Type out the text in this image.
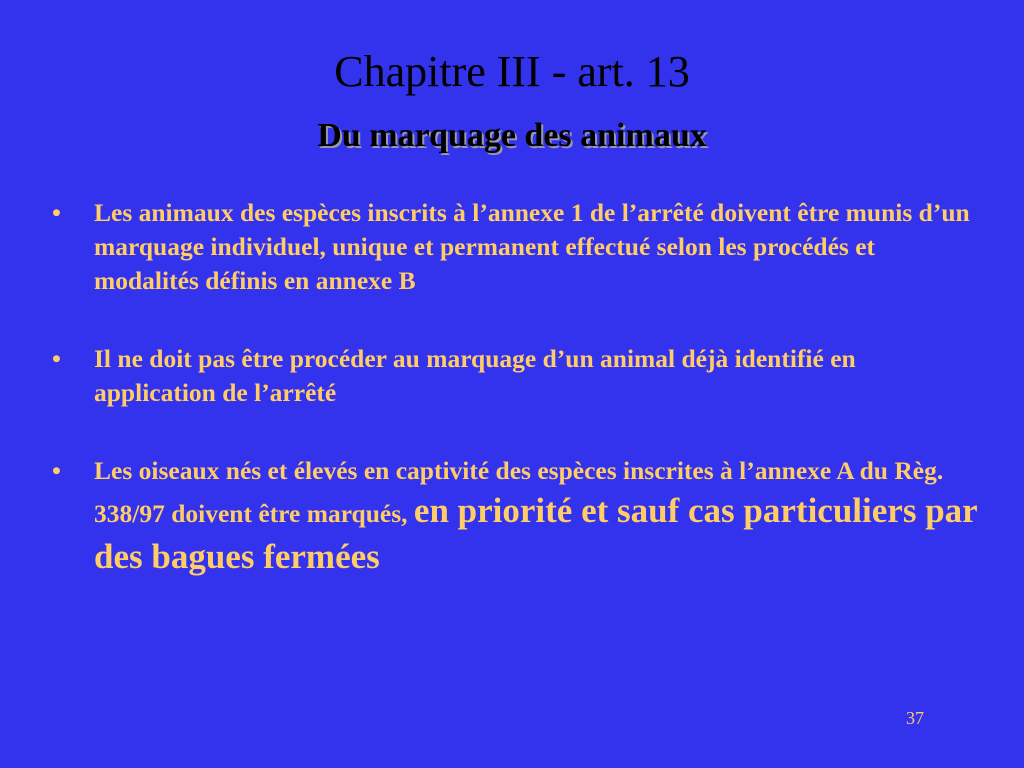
Chapitre III - art. 13
Du marquage des animaux
• Les animaux des espèces inscrits à l’annexe 1 de l’arrêté doivent être munis d’un marquage individuel, unique et permanent effectué selon les procédés et modalités définis en annexe B
• Il ne doit pas être procéder au marquage d’un animal déjà identifié en application de l’arrêté
• Les oiseaux nés et élevés en captivité des espèces inscrites à l’annexe A du Règ. 338/97 doivent être marqués, en priorité et sauf cas particuliers par des bagues fermées
37
